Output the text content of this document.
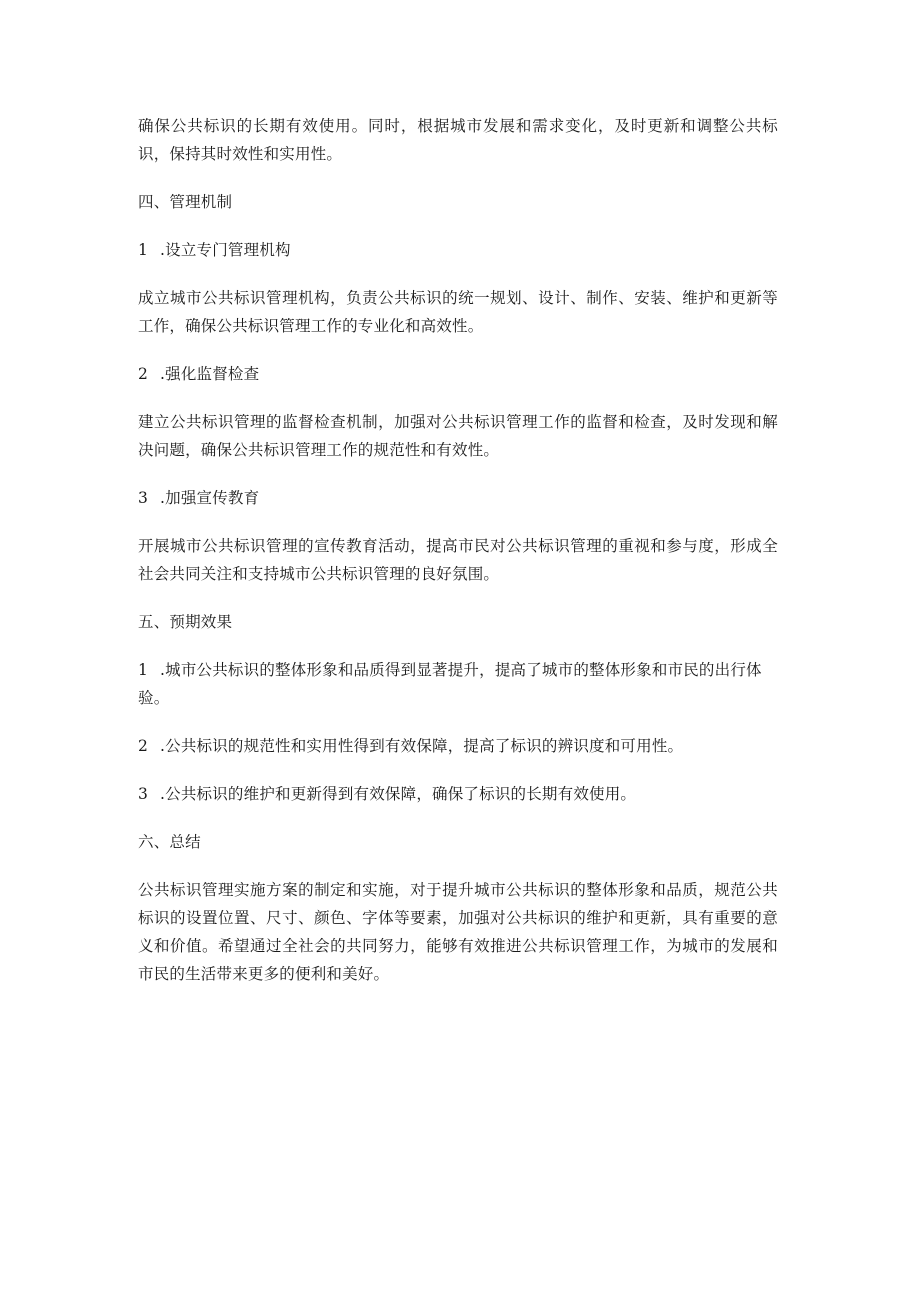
确保公共标识的长期有效使用。同时，根据城市发展和需求变化，及时更新和调整公共标识，保持其时效性和实用性。

四、管理机制

1 .设立专门管理机构

成立城市公共标识管理机构，负责公共标识的统一规划、设计、制作、安装、维护和更新等工作，确保公共标识管理工作的专业化和高效性。

2 .强化监督检查

建立公共标识管理的监督检查机制，加强对公共标识管理工作的监督和检查，及时发现和解决问题，确保公共标识管理工作的规范性和有效性。

3 .加强宣传教育

开展城市公共标识管理的宣传教育活动，提高市民对公共标识管理的重视和参与度，形成全社会共同关注和支持城市公共标识管理的良好氛围。

五、预期效果

1 .城市公共标识的整体形象和品质得到显著提升，提高了城市的整体形象和市民的出行体验。

2 .公共标识的规范性和实用性得到有效保障，提高了标识的辨识度和可用性。

3 .公共标识的维护和更新得到有效保障，确保了标识的长期有效使用。

六、总结

公共标识管理实施方案的制定和实施，对于提升城市公共标识的整体形象和品质，规范公共标识的设置位置、尺寸、颜色、字体等要素，加强对公共标识的维护和更新，具有重要的意义和价值。希望通过全社会的共同努力，能够有效推进公共标识管理工作，为城市的发展和市民的生活带来更多的便利和美好。
